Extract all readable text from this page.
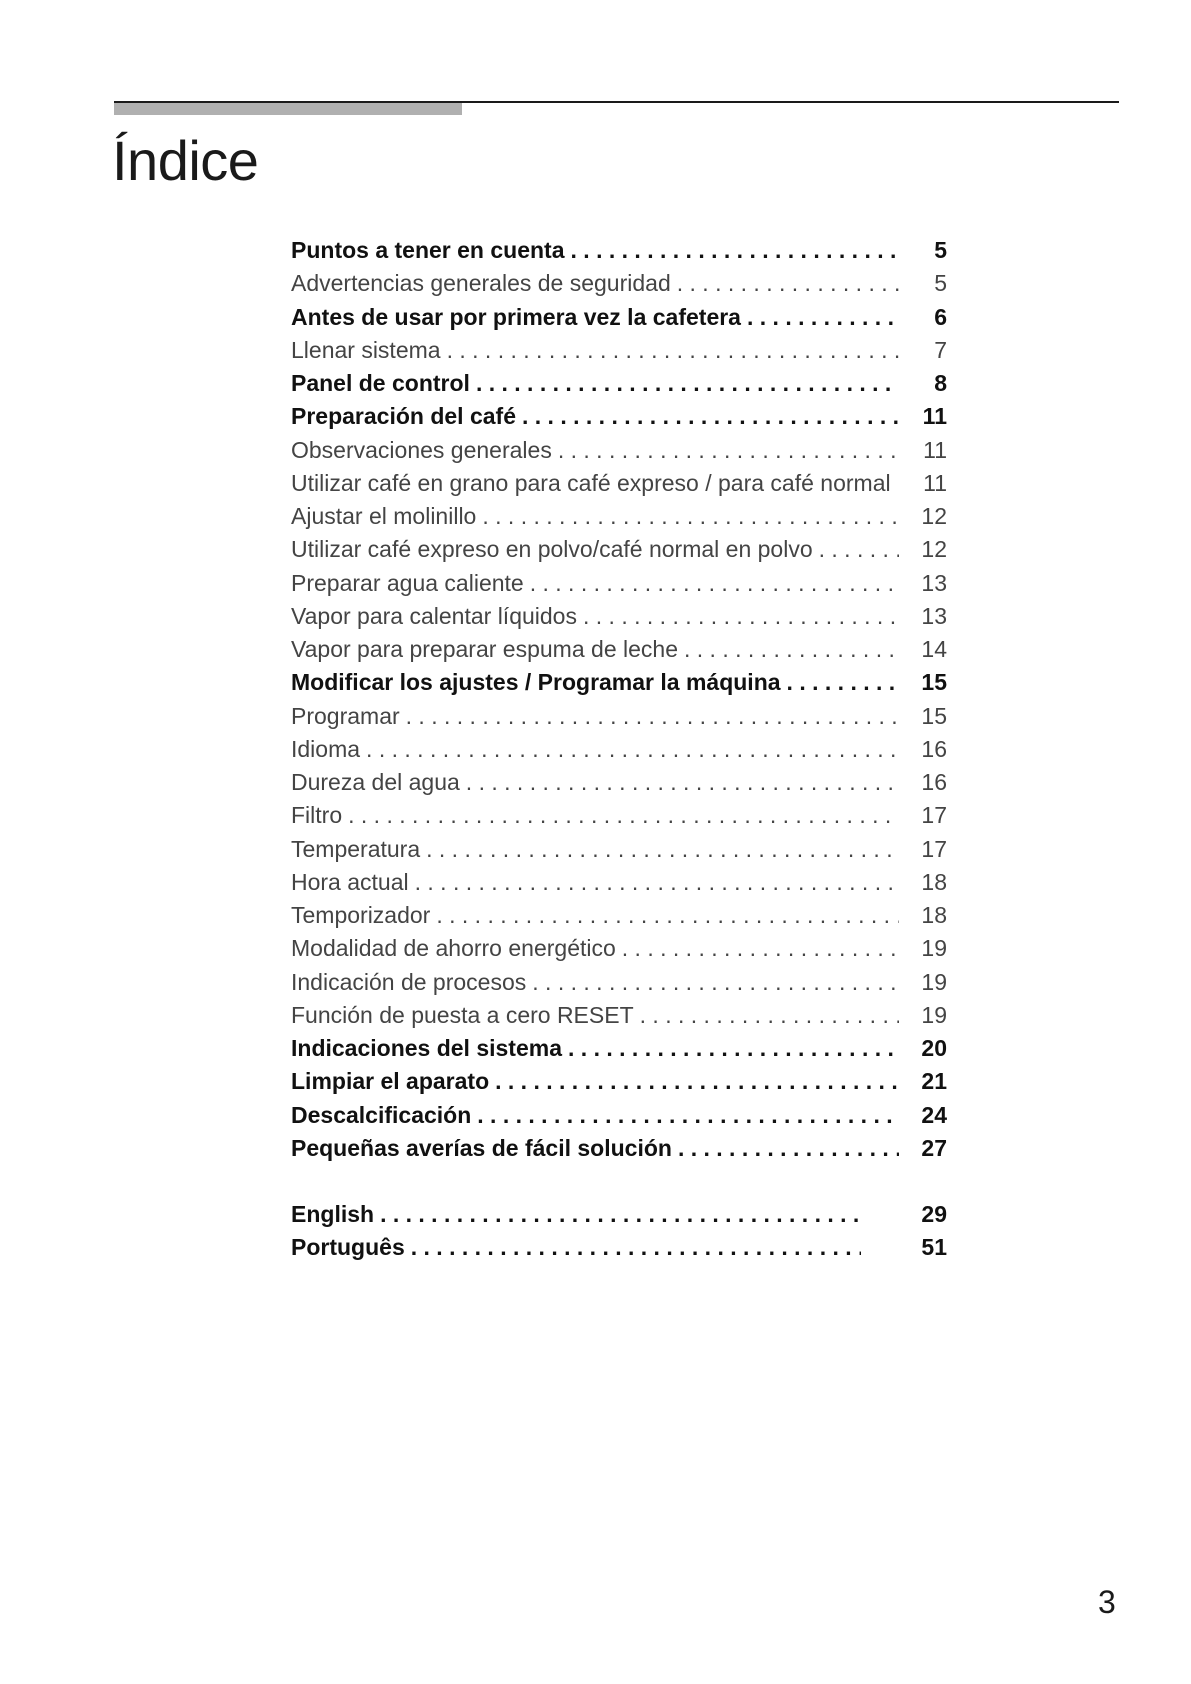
Índice
Puntos a tener en cuenta . . .	5
Advertencias generales de seguridad . . .	5
Antes de usar por primera vez la cafetera . . .	6
Llenar sistema . . .	7
Panel de control . . .	8
Preparación del café . . .	11
Observaciones generales . . .	11
Utilizar café en grano para café expreso / para café normal	11
Ajustar el molinillo . . .	12
Utilizar café expreso en polvo/café normal en polvo . . .	12
Preparar agua caliente . . .	13
Vapor para calentar líquidos . . .	13
Vapor para preparar espuma de leche . . .	14
Modificar los ajustes / Programar la máquina . . .	15
Programar . . .	15
Idioma . . .	16
Dureza del agua . . .	16
Filtro . . .	17
Temperatura . . .	17
Hora actual . . .	18
Temporizador . . .	18
Modalidad de ahorro energético . . .	19
Indicación de procesos . . .	19
Función de puesta a cero RESET . . .	19
Indicaciones del sistema . . .	20
Limpiar el aparato . . .	21
Descalcificación . . .	24
Pequeñas averías de fácil solución . . .	27
English . . .	29
Português . . .	51
3
